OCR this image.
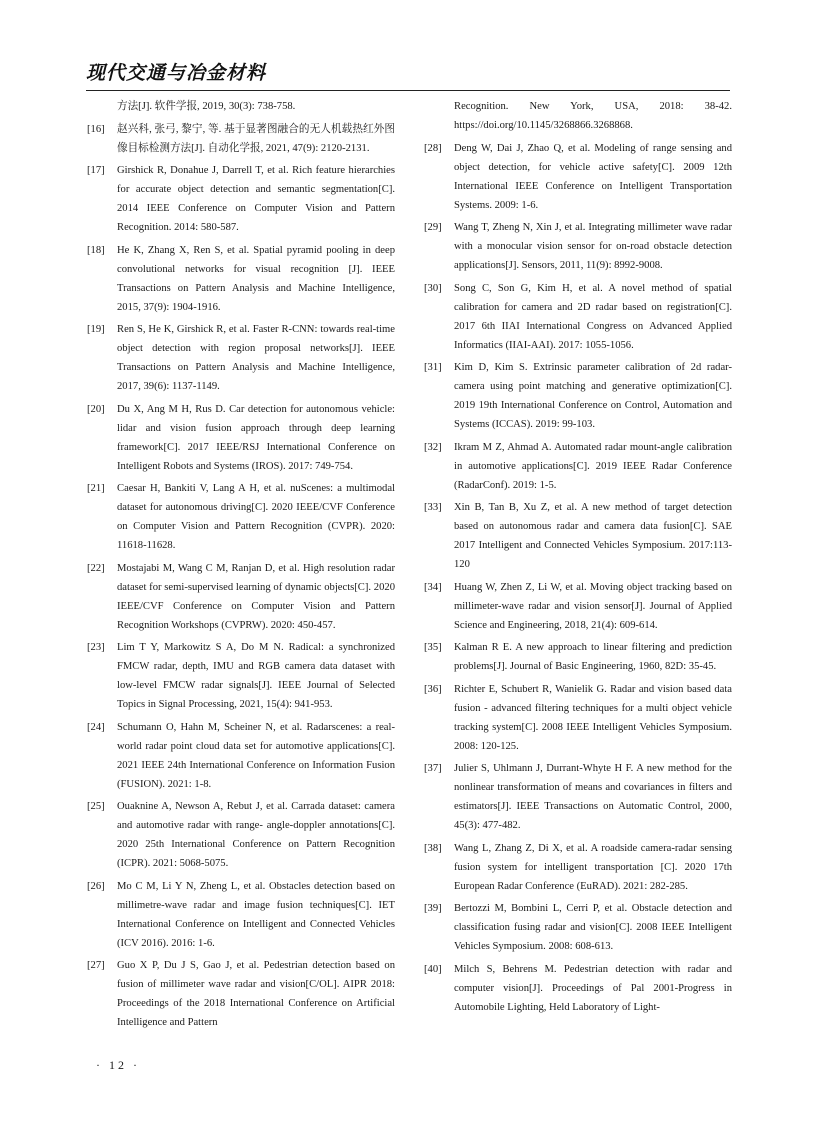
现代交通与冶金材料
方法[J]. 软件学报, 2019, 30(3): 738-758.
[16]	赵兴科, 张弓, 黎宁, 等. 基于显著图融合的无人机载热红外图像目标检测方法[J]. 自动化学报, 2021, 47(9): 2120-2131.
[17]	Girshick R, Donahue J, Darrell T, et al. Rich feature hierarchies for accurate object detection and semantic segmentation[C]. 2014 IEEE Conference on Computer Vision and Pattern Recognition. 2014: 580-587.
[18]	He K, Zhang X, Ren S, et al. Spatial pyramid pooling in deep convolutional networks for visual recognition [J]. IEEE Transactions on Pattern Analysis and Machine Intelligence, 2015, 37(9): 1904-1916.
[19]	Ren S, He K, Girshick R, et al. Faster R-CNN: towards real-time object detection with region proposal networks[J]. IEEE Transactions on Pattern Analysis and Machine Intelligence, 2017, 39(6): 1137-1149.
[20]	Du X, Ang M H, Rus D. Car detection for autonomous vehicle: lidar and vision fusion approach through deep learning framework[C]. 2017 IEEE/RSJ International Conference on Intelligent Robots and Systems (IROS). 2017: 749-754.
[21]	Caesar H, Bankiti V, Lang A H, et al. nuScenes: a multimodal dataset for autonomous driving[C]. 2020 IEEE/CVF Conference on Computer Vision and Pattern Recognition (CVPR). 2020: 11618-11628.
[22]	Mostajabi M, Wang C M, Ranjan D, et al. High resolution radar dataset for semi-supervised learning of dynamic objects[C]. 2020 IEEE/CVF Conference on Computer Vision and Pattern Recognition Workshops (CVPRW). 2020: 450-457.
[23]	Lim T Y, Markowitz S A, Do M N. Radical: a synchronized FMCW radar, depth, IMU and RGB camera data dataset with low-level FMCW radar signals[J]. IEEE Journal of Selected Topics in Signal Processing, 2021, 15(4): 941-953.
[24]	Schumann O, Hahn M, Scheiner N, et al. Radarscenes: a real-world radar point cloud data set for automotive applications[C]. 2021 IEEE 24th International Conference on Information Fusion (FUSION). 2021: 1-8.
[25]	Ouaknine A, Newson A, Rebut J, et al. Carrada dataset: camera and automotive radar with range- angle-doppler annotations[C]. 2020 25th International Conference on Pattern Recognition (ICPR). 2021: 5068-5075.
[26]	Mo C M, Li Y N, Zheng L, et al. Obstacles detection based on millimetre-wave radar and image fusion techniques[C]. IET International Conference on Intelligent and Connected Vehicles (ICV 2016). 2016: 1-6.
[27]	Guo X P, Du J S, Gao J, et al. Pedestrian detection based on fusion of millimeter wave radar and vision[C/OL]. AIPR 2018: Proceedings of the 2018 International Conference on Artificial Intelligence and Pattern
Recognition. New York, USA, 2018: 38-42. https://doi.org/10.1145/3268866.3268868.
[28]	Deng W, Dai J, Zhao Q, et al. Modeling of range sensing and object detection, for vehicle active safety[C]. 2009 12th International IEEE Conference on Intelligent Transportation Systems. 2009: 1-6.
[29]	Wang T, Zheng N, Xin J, et al. Integrating millimeter wave radar with a monocular vision sensor for on-road obstacle detection applications[J]. Sensors, 2011, 11(9): 8992-9008.
[30]	Song C, Son G, Kim H, et al. A novel method of spatial calibration for camera and 2D radar based on registration[C]. 2017 6th IIAI International Congress on Advanced Applied Informatics (IIAI-AAI). 2017: 1055-1056.
[31]	Kim D, Kim S. Extrinsic parameter calibration of 2d radar-camera using point matching and generative optimization[C]. 2019 19th International Conference on Control, Automation and Systems (ICCAS). 2019: 99-103.
[32]	Ikram M Z, Ahmad A. Automated radar mount-angle calibration in automotive applications[C]. 2019 IEEE Radar Conference (RadarConf). 2019: 1-5.
[33]	Xin B, Tan B, Xu Z, et al. A new method of target detection based on autonomous radar and camera data fusion[C]. SAE 2017 Intelligent and Connected Vehicles Symposium. 2017:113-120
[34]	Huang W, Zhen Z, Li W, et al. Moving object tracking based on millimeter-wave radar and vision sensor[J]. Journal of Applied Science and Engineering, 2018, 21(4): 609-614.
[35]	Kalman R E. A new approach to linear filtering and prediction problems[J]. Journal of Basic Engineering, 1960, 82D: 35-45.
[36]	Richter E, Schubert R, Wanielik G. Radar and vision based data fusion - advanced filtering techniques for a multi object vehicle tracking system[C]. 2008 IEEE Intelligent Vehicles Symposium. 2008: 120-125.
[37]	Julier S, Uhlmann J, Durrant-Whyte H F. A new method for the nonlinear transformation of means and covariances in filters and estimators[J]. IEEE Transactions on Automatic Control, 2000, 45(3): 477-482.
[38]	Wang L, Zhang Z, Di X, et al. A roadside camera-radar sensing fusion system for intelligent transportation [C]. 2020 17th European Radar Conference (EuRAD). 2021: 282-285.
[39]	Bertozzi M, Bombini L, Cerri P, et al. Obstacle detection and classification fusing radar and vision[C]. 2008 IEEE Intelligent Vehicles Symposium. 2008: 608-613.
[40]	Milch S, Behrens M. Pedestrian detection with radar and computer vision[J]. Proceedings of Pal 2001-Progress in Automobile Lighting, Held Laboratory of Light-
· 12 ·
